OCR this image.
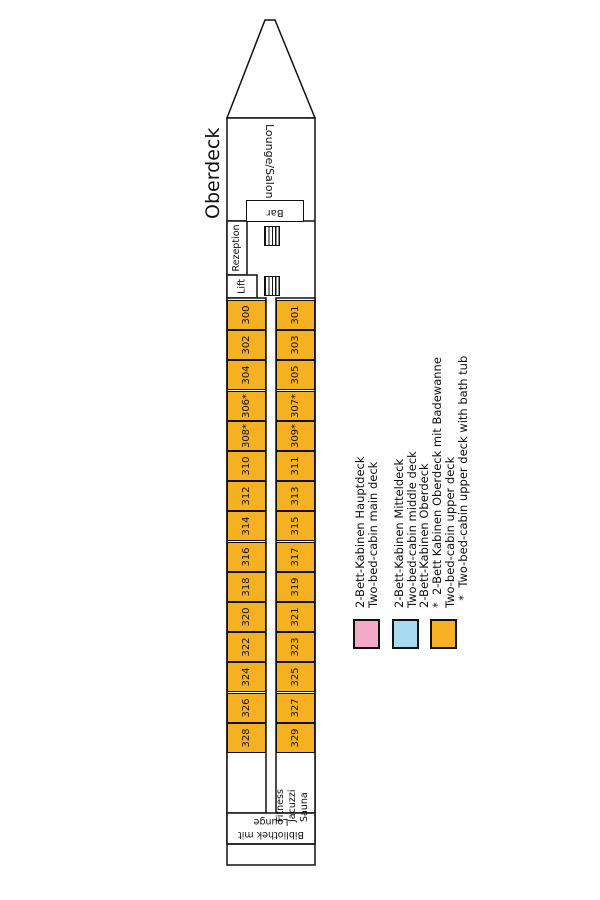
Oberdeck	Lounge/Salon
Bar
Rezeption
Lift
300
302
304
306*
308*
310
312
314
316
318
320
322
324
326
328
301
303
305
307*
309*
311
313
315
317
319
321
323
325
327
329
Fitness
Jacuzzi
Sauna
Bibliothek mit
Lounge
2-Bett-Kabinen Hauptdeck
Two-bed-cabin main deck
2-Bett-Kabinen Mitteldeck
Two-bed-cabin middle deck
2-Bett-Kabinen Oberdeck
*  2-Bett Kabinen Oberdeck mit Badewanne
Two-bed-cabin upper deck
*  Two-bed-cabin upper deck with bath tub
